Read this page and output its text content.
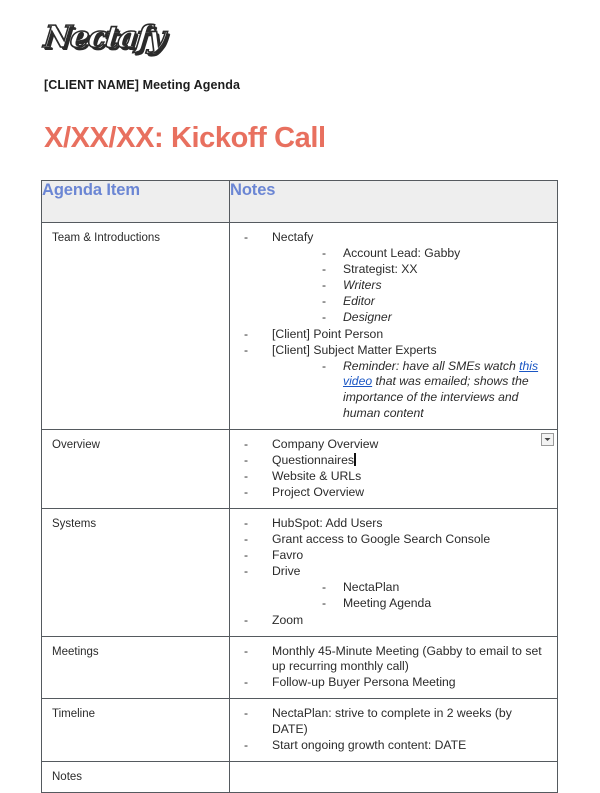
Nectafy
[CLIENT NAME] Meeting Agenda
X/XX/XX: Kickoff Call
Agenda Item	Notes
Team & Introductions	- Nectafy
- Account Lead: Gabby
- Strategist: XX
- Writers
- Editor
- Designer
- [Client] Point Person
- [Client] Subject Matter Experts
- Reminder: have all SMEs watch this video that was emailed; shows the importance of the interviews and human content

Overview	- Company Overview
- Questionnaires
- Website & URLs
- Project Overview

Systems	- HubSpot: Add Users
- Grant access to Google Search Console
- Favro
- Drive
- NectaPlan
- Meeting Agenda
- Zoom

Meetings	- Monthly 45-Minute Meeting (Gabby to email to set up recurring monthly call)
- Follow-up Buyer Persona Meeting

Timeline	- NectaPlan: strive to complete in 2 weeks (by DATE)
- Start ongoing growth content: DATE

Notes	
